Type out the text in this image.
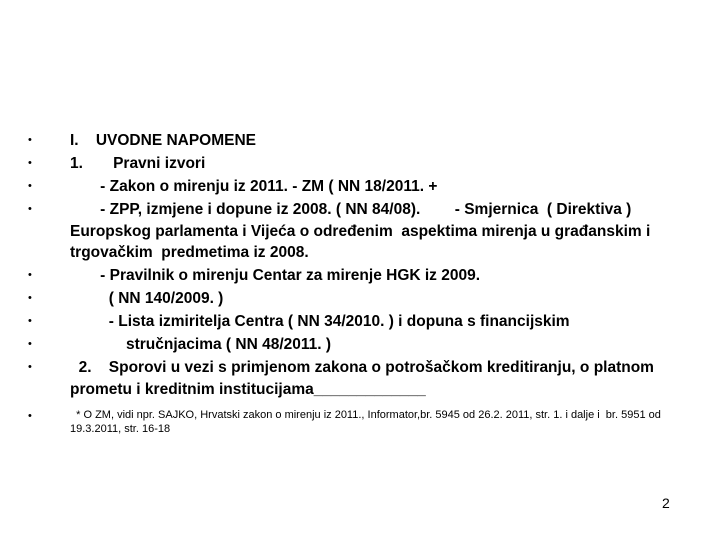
• I.    UVODNE NAPOMENE
• 1.       Pravni izvori
• - Zakon o mirenju iz 2011. - ZM ( NN 18/2011. +
• - ZPP, izmjene i dopune iz 2008. ( NN 84/08).        - Smjernica  ( Direktiva ) Europskog parlamenta i Vijeća o određenim  aspektima mirenja u građanskim i  trgovačkim  predmetima iz 2008.
• - Pravilnik o mirenju Centar za mirenje HGK iz 2009.
• ( NN 140/2009. )
• - Lista izmiritelja Centra ( NN 34/2010. ) i dopuna s financijskim
• stručnjacima ( NN 48/2011. )
• 2.    Sporovi u vezi s primjenom zakona o potrošačkom kreditiranju, o platnom prometu i kreditnim institucijama_____________
•	* O ZM, vidi npr. SAJKO, Hrvatski zakon o mirenju iz 2011., Informator,br. 5945 od 26.2. 2011, str. 1. i dalje i  br. 5951 od 19.3.2011, str. 16-18
2
